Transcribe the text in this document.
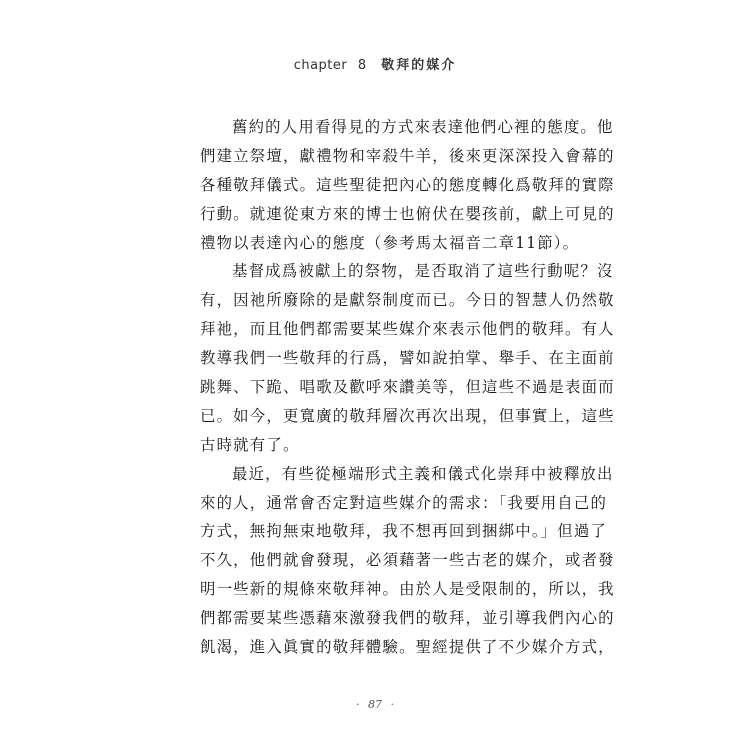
chapter 8 敬拜的媒介
舊約的人用看得見的方式來表達他們心裡的態度。他
們建立祭壇，獻禮物和宰殺牛羊，後來更深深投入會幕的
各種敬拜儀式。這些聖徒把內心的態度轉化爲敬拜的實際
行動。就連從東方來的博士也俯伏在嬰孩前，獻上可見的
禮物以表達內心的態度（參考馬太福音二章11節）。
基督成爲被獻上的祭物，是否取消了這些行動呢？沒
有，因祂所廢除的是獻祭制度而已。今日的智慧人仍然敬
拜祂，而且他們都需要某些媒介來表示他們的敬拜。有人
教導我們一些敬拜的行爲，譬如說拍掌、舉手、在主面前
跳舞、下跪、唱歌及歡呼來讚美等，但這些不過是表面而
已。如今，更寬廣的敬拜層次再次出現，但事實上，這些
古時就有了。
最近，有些從極端形式主義和儀式化崇拜中被釋放出
來的人，通常會否定對這些媒介的需求：「我要用自己的
方式，無拘無束地敬拜，我不想再回到捆綁中。」但過了
不久，他們就會發現，必須藉著一些古老的媒介，或者發
明一些新的規條來敬拜神。由於人是受限制的，所以，我
們都需要某些憑藉來激發我們的敬拜，並引導我們內心的
飢渴，進入眞實的敬拜體驗。聖經提供了不少媒介方式，
· 87 ·
